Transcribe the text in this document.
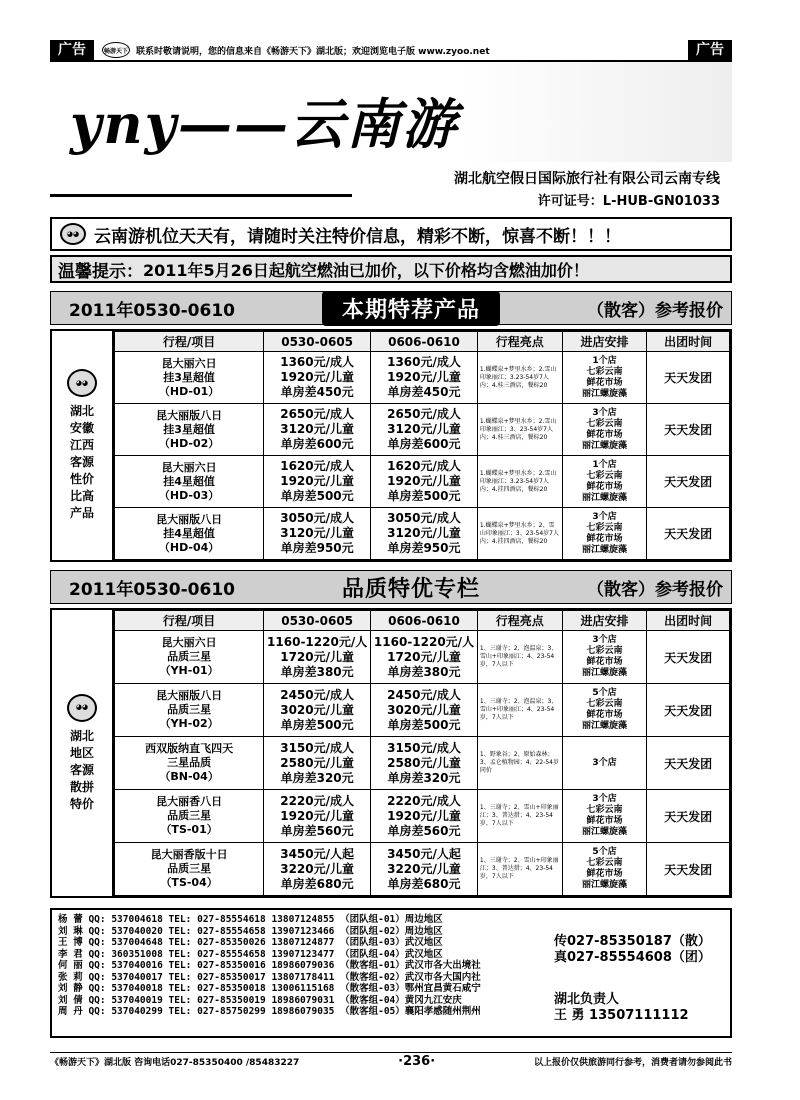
广告	畅游天下 联系时敬请说明，您的信息来自《畅游天下》湖北版；欢迎浏览电子版 www.zyoo.net	广告
yny——云南游
湖北航空假日国际旅行社有限公司云南专线
许可证号：L-HUB-GN01033
◕◕ 云南游机位天天有，请随时关注特价信息，精彩不断，惊喜不断！！！
温馨提示： 2011年5月26日起航空燃油已加价，以下价格均含燃油加价！
2011年0530-0610	本期特荐产品	（散客）参考报价
◕◕
湖北安徽江西客源性价比高产品
行程/项目	0530-0605	0606-0610	行程亮点	进店安排	出团时间
昆大丽六日
挂3星超值
（HD-01）	1360元/成人
1920元/儿童
单房差450元	1360元/成人
1920元/儿童
单房差450元	1.蝴蝶泉+梦里水乡；2.雪山印象丽江；3.23-54岁7人内；4.桂三酒店，餐标20	1个店
七彩云南
鲜花市场
丽江螺旋藻	天天发团
昆大丽版八日
挂3星超值
（HD-02）	2650元/成人
3120元/儿童
单房差600元	2650元/成人
3120元/儿童
单房差600元	1.蝴蝶泉+梦里水乡；2.雪山印象丽江；3、23-54岁7人内；4.桂三酒店，餐标20	3个店
七彩云南
鲜花市场
丽江螺旋藻	天天发团
昆大丽六日
挂4星超值
（HD-03）	1620元/成人
1920元/儿童
单房差500元	1620元/成人
1920元/儿童
单房差500元	1.蝴蝶泉+梦里水乡；2.雪山印象丽江；3.23-54岁7人内；4.挂四酒店，餐标20	1个店
七彩云南
鲜花市场
丽江螺旋藻	天天发团
昆大丽版八日
挂4星超值
（HD-04）	3050元/成人
3120元/儿童
单房差950元	3050元/成人
3120元/儿童
单房差950元	1.蝴蝶泉+梦里水乡；2、雪山印象丽江；3、23-54岁7人内；4.挂四酒店，餐标20	3个店
七彩云南
鲜花市场
丽江螺旋藻	天天发团
2011年0530-0610	品质特优专栏	（散客）参考报价
◕◕
湖北地区客源散拼特价
行程/项目	0530-0605	0606-0610	行程亮点	进店安排	出团时间
昆大丽六日
品质三星
（YH-01）	1160-1220元/人
1720元/儿童
单房差380元	1160-1220元/人
1720元/儿童
单房差380元	1、三谢寺；2、泡温泉；3、雪山+印象丽江；4、23-54岁，7人以下	3个店
七彩云南
鲜花市场
丽江螺旋藻	天天发团
昆大丽版八日
品质三星
（YH-02）	2450元/成人
3020元/儿童
单房差500元	2450元/成人
3020元/儿童
单房差500元	1、三谢寺；2、泡温泉；3、雪山+印象丽江；4、23-54岁，7人以下	5个店
七彩云南
鲜花市场
丽江螺旋藻	天天发团
西双版纳直飞四天
三星品质
（BN-04）	3150元/成人
2580元/儿童
单房差320元	3150元/成人
2580元/儿童
单房差320元	1、野象谷；2、原始森林；3、孟仑植物园；4、22-54岁同价	3个店	天天发团
昆大丽香八日
品质三星
（TS-01）	2220元/成人
1920元/儿童
单房差560元	2220元/成人
1920元/儿童
单房差560元	1、三谢寺；2、雪山+印象丽江；3、普达措；4、23-54岁，7人以下	3个店
七彩云南
鲜花市场
丽江螺旋藻	天天发团
昆大丽香版十日
品质三星
（TS-04）	3450元/人起
3220元/儿童
单房差680元	3450元/人起
3220元/儿童
单房差680元	1、三谢寺；2、雪山+印象丽江；3、普达措；4、23-54岁，7人以下	5个店
七彩云南
鲜花市场
丽江螺旋藻	天天发团
杨 蕾 QQ: 537004618 TEL: 027-85554618 13807124855 （团队组-01）周边地区
刘 琳 QQ: 537040020 TEL: 027-85554658 13907123466 （团队组-02）周边地区
王 博 QQ: 537004648 TEL: 027-85350026 13807124877 （团队组-03）武汉地区
李 君 QQ: 360351008 TEL: 027-85554658 13907123477 （团队组-04）武汉地区
何 丽 QQ: 537040016 TEL: 027-85350016 18986079036 （散客组-01）武汉市各大出境社
张 莉 QQ: 537040017 TEL: 027-85350017 13807178411 （散客组-02）武汉市各大国内社
刘 静 QQ: 537040018 TEL: 027-85350018 13006115168 （散客组-03）鄂州宜昌黄石咸宁
刘 倩 QQ: 537040019 TEL: 027-85350019 18986079031 （散客组-04）黄冈九江安庆
周 丹 QQ: 537040299 TEL: 027-85750299 18986079035 （散客组-05）襄阳孝感随州荆州
传027-85350187（散）
真027-85554608（团）
湖北负责人
王 勇 13507111112
《畅游天下》湖北版 咨询电话027-85350400 /85483227	·236·	以上报价仅供旅游同行参考，消费者请勿参阅此书
